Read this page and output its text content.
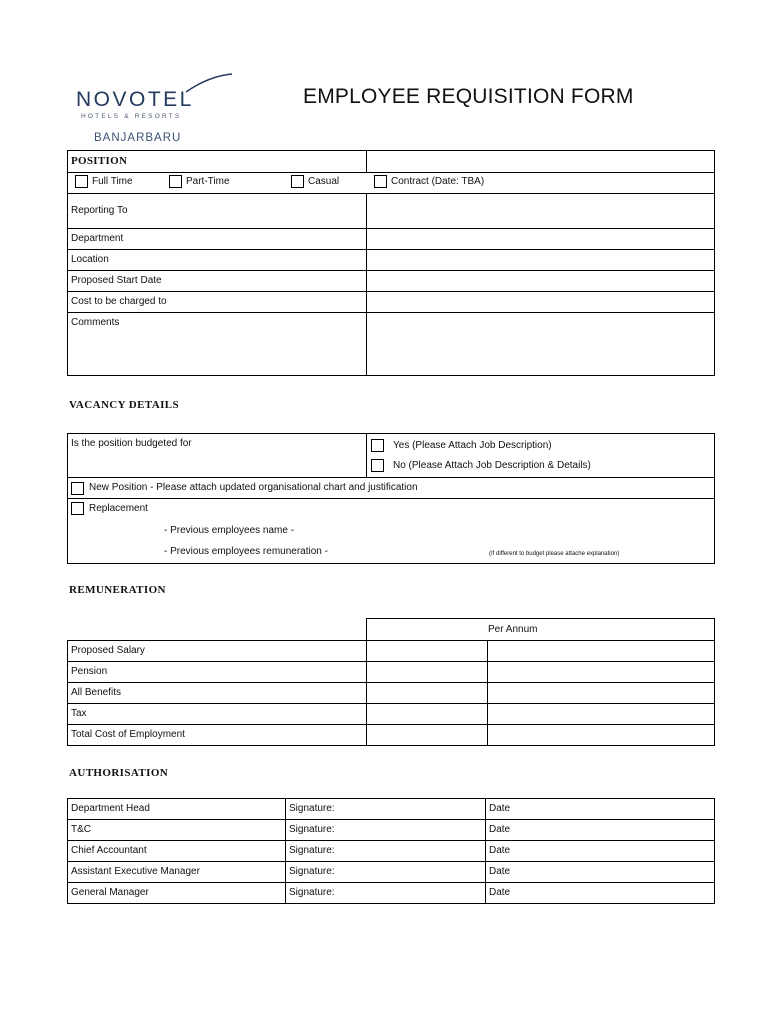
NOVOTEL
HOTELS & RESORTS
BANJARBARU
EMPLOYEE REQUISITION FORM
POSITION	

Full Time Part-Time Casual Contract (Date: TBA)	

Reporting To	
Department	
Location	
Proposed Start Date	
Cost to be charged to	
Comments	
VACANCY DETAILS
Is the position budgeted for	Yes (Please Attach Job Description)
No (Please Attach Job Description & Details)

New Position - Please attach updated organisational chart and justification

Replacement
- Previous employees name -
- Previous employees remuneration -	(If different to budget please attache explanation)
REMUNERATION
	Per Annum	
Proposed Salary		
Pension		
All Benefits		
Tax		
Total Cost of Employment		
AUTHORISATION
Department Head	Signature:	Date
T&C	Signature:	Date
Chief Accountant	Signature:	Date
Assistant Executive Manager	Signature:	Date
General Manager	Signature:	Date
